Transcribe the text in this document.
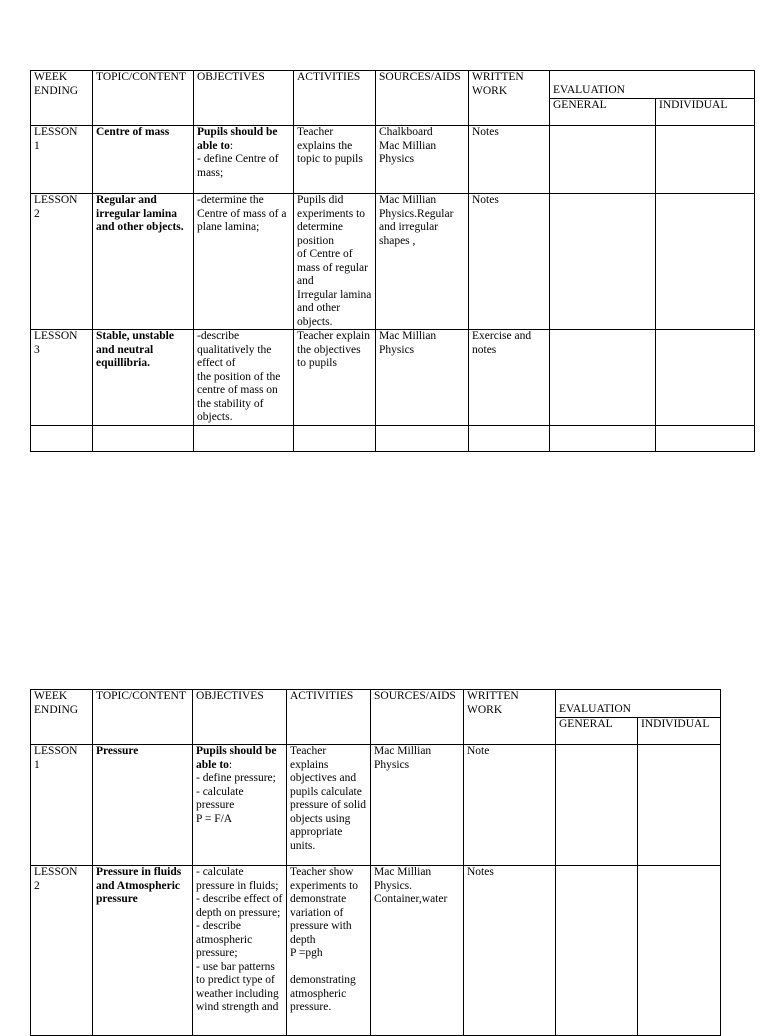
WEEK
ENDING	TOPIC/CONTENT	OBJECTIVES	ACTIVITIES	SOURCES/AIDS	WRITTEN
WORK	EVALUATION	
						GENERAL	INDIVIDUAL

LESSON
1	Centre of mass	Pupils should be able to:
- define Centre of mass;	Teacher explains the topic to pupils	Chalkboard
Mac Millian Physics	Notes		

LESSON
2	Regular and irregular lamina and other objects.	-determine the Centre of mass of a
plane lamina;	Pupils did experiments to determine position
of Centre of mass of regular and
Irregular lamina and other objects.	Mac Millian Physics.Regular and irregular shapes ,	Notes		

LESSON
3	Stable, unstable and neutral equillibria.	-describe qualitatively the effect of
the position of the centre of mass on the stability of objects.	Teacher explain the objectives to pupils	Mac Millian Physics	Exercise and notes		

WEEK
ENDING	TOPIC/CONTENT	OBJECTIVES	ACTIVITIES	SOURCES/AIDS	WRITTEN
WORK	EVALUATION	
						GENERAL	INDIVIDUAL

LESSON
1	Pressure	Pupils should be able to:
- define pressure;
- calculate pressure
P = F/A	Teacher explains objectives and pupils calculate pressure of solid objects using appropriate units.	Mac Millian Physics	Note		

LESSON
2	Pressure in fluids and Atmospheric pressure	- calculate pressure in fluids;
- describe effect of depth on pressure;
- describe atmospheric pressure;
- use bar patterns to predict type of weather including wind strength and	Teacher show experiments to demonstrate variation of pressure with depth
P =pgh
demonstrating atmospheric pressure.	Mac Millian Physics.
Container,water	Notes		
